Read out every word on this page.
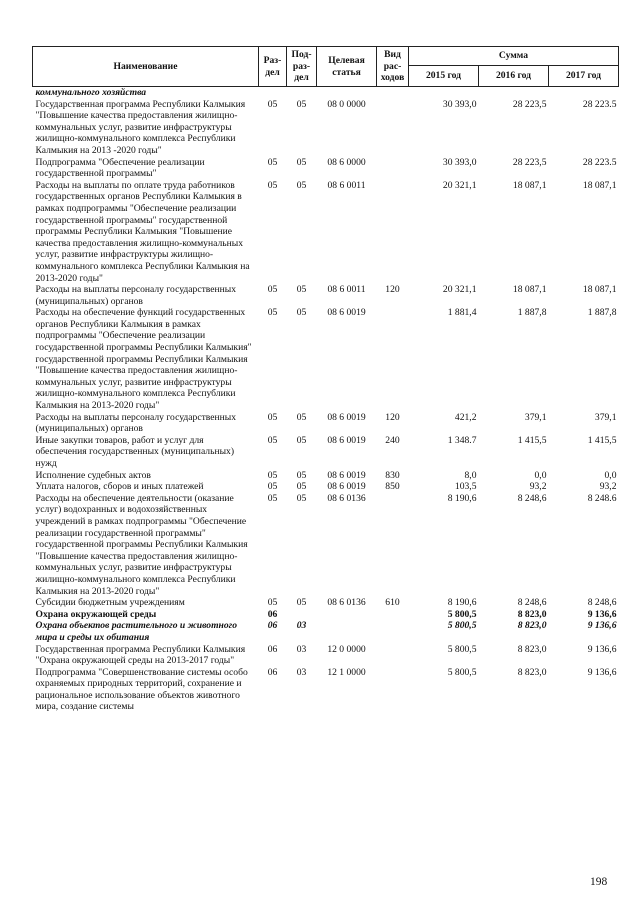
Наименование	Раз-дел	Под-раз-дел	Целевая статья	Вид рас-ходов	Сумма		
					2015 год	2016 год	2017 год
коммунального хозяйства							
Государственная программа Республики Калмыкия "Повышение качества предоставления жилищно-коммунальных услуг, развитие инфраструктуры жилищно-коммунального комплекса Республики Калмыкия на 2013 -2020 годы"	05	05	08 0 0000		30 393,0	28 223,5	28 223.5
Подпрограмма "Обеспечение реализации государственной программы"	05	05	08 6 0000		30 393,0	28 223,5	28 223.5
Расходы на выплаты по оплате труда работников государственных органов Республики Калмыкия в рамках подпрограммы "Обеспечение реализации государственной программы" государственной программы Республики Калмыкия "Повышение качества предоставления жилищно-коммунальных услуг, развитие инфраструктуры жилищно-коммунального комплекса Республики Калмыкия на 2013-2020 годы"	05	05	08 6 0011		20 321,1	18 087,1	18 087,1
Расходы на выплаты персоналу государственных (муниципальных) органов	05	05	08 6 0011	120	20 321,1	18 087,1	18 087,1
Расходы на обеспечение функций государственных органов Республики Калмыкия в рамках подпрограммы "Обеспечение реализации государственной программы Республики Калмыкия" государственной программы Республики Калмыкия "Повышение качества предоставления жилищно-коммунальных услуг, развитие инфраструктуры жилищно-коммунального комплекса Республики Калмыкия на 2013-2020 годы"	05	05	08 6 0019		1 881,4	1 887,8	1 887,8
Расходы на выплаты персоналу государственных (муниципальных) органов	05	05	08 6 0019	120	421,2	379,1	379,1
Иные закупки товаров, работ и услуг для обеспечения государственных (муниципальных) нужд	05	05	08 6 0019	240	1 348.7	1 415,5	1 415,5
Исполнение судебных актов	05	05	08 6 0019	830	8,0	0,0	0,0
Уплата налогов, сборов и иных платежей	05	05	08 6 0019	850	103,5	93,2	93,2
Расходы на обеспечение деятельности (оказание услуг) водохранных и водохозяйственных учреждений в рамках подпрограммы "Обеспечение реализации государственной программы" государственной программы Республики Калмыкия "Повышение качества предоставления жилищно-коммунальных услуг, развитие инфраструктуры жилищно-коммунального комплекса Республики Калмыкия на 2013-2020 годы"	05	05	08 6 0136		8 190,6	8 248,6	8 248.6
Субсидии бюджетным учреждениям	05	05	08 6 0136	610	8 190,6	8 248,6	8 248,6
Охрана окружающей среды	06				5 800,5	8 823,0	9 136,6
Охрана объектов растительного и животного мира и среды их обитания	06	03			5 800,5	8 823,0	9 136,6
Государственная программа Республики Калмыкия "Охрана окружающей среды на 2013-2017 годы"	06	03	12 0 0000		5 800,5	8 823,0	9 136,6
Подпрограмма "Совершенствование системы особо охраняемых природных территорий, сохранение и рациональное использование объектов животного мира, создание системы	06	03	12 1 0000		5 800,5	8 823,0	9 136,6
198
